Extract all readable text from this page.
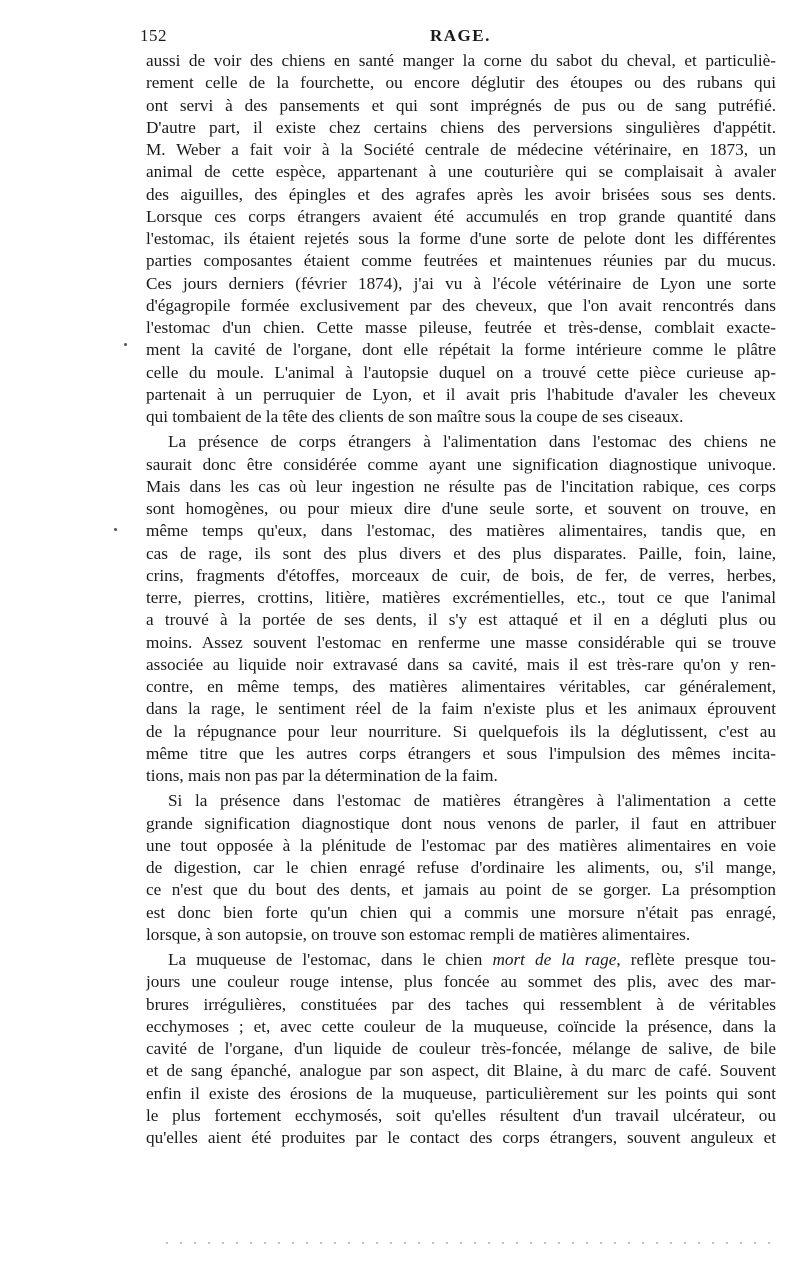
152	RAGE.
aussi de voir des chiens en santé manger la corne du sabot du cheval, et particuliè-
rement celle de la fourchette, ou encore déglutir des étoupes ou des rubans qui
ont servi à des pansements et qui sont imprégnés de pus ou de sang putréfié.
D'autre part, il existe chez certains chiens des perversions singulières d'appétit.
M. Weber a fait voir à la Société centrale de médecine vétérinaire, en 1873, un
animal de cette espèce, appartenant à une couturière qui se complaisait à avaler
des aiguilles, des épingles et des agrafes après les avoir brisées sous ses dents.
Lorsque ces corps étrangers avaient été accumulés en trop grande quantité dans
l'estomac, ils étaient rejetés sous la forme d'une sorte de pelote dont les différentes
parties composantes étaient comme feutrées et maintenues réunies par du mucus.
Ces jours derniers (février 1874), j'ai vu à l'école vétérinaire de Lyon une sorte
d'égagropile formée exclusivement par des cheveux, que l'on avait rencontrés dans
l'estomac d'un chien. Cette masse pileuse, feutrée et très-dense, comblait exacte-
ment la cavité de l'organe, dont elle répétait la forme intérieure comme le plâtre
celle du moule. L'animal à l'autopsie duquel on a trouvé cette pièce curieuse ap-
partenait à un perruquier de Lyon, et il avait pris l'habitude d'avaler les cheveux
qui tombaient de la tête des clients de son maître sous la coupe de ses ciseaux.
La présence de corps étrangers à l'alimentation dans l'estomac des chiens ne
saurait donc être considérée comme ayant une signification diagnostique univoque.
Mais dans les cas où leur ingestion ne résulte pas de l'incitation rabique, ces corps
sont homogènes, ou pour mieux dire d'une seule sorte, et souvent on trouve, en
même temps qu'eux, dans l'estomac, des matières alimentaires, tandis que, en
cas de rage, ils sont des plus divers et des plus disparates. Paille, foin, laine,
crins, fragments d'étoffes, morceaux de cuir, de bois, de fer, de verres, herbes,
terre, pierres, crottins, litière, matières excrémentielles, etc., tout ce que l'animal
a trouvé à la portée de ses dents, il s'y est attaqué et il en a dégluti plus ou
moins. Assez souvent l'estomac en renferme une masse considérable qui se trouve
associée au liquide noir extravasé dans sa cavité, mais il est très-rare qu'on y ren-
contre, en même temps, des matières alimentaires véritables, car généralement,
dans la rage, le sentiment réel de la faim n'existe plus et les animaux éprouvent
de la répugnance pour leur nourriture. Si quelquefois ils la déglutissent, c'est au
même titre que les autres corps étrangers et sous l'impulsion des mêmes incita-
tions, mais non pas par la détermination de la faim.
Si la présence dans l'estomac de matières étrangères à l'alimentation a cette
grande signification diagnostique dont nous venons de parler, il faut en attribuer
une tout opposée à la plénitude de l'estomac par des matières alimentaires en voie
de digestion, car le chien enragé refuse d'ordinaire les aliments, ou, s'il mange,
ce n'est que du bout des dents, et jamais au point de se gorger. La présomption
est donc bien forte qu'un chien qui a commis une morsure n'était pas enragé,
lorsque, à son autopsie, on trouve son estomac rempli de matières alimentaires.
La muqueuse de l'estomac, dans le chien mort de la rage, reflète presque tou-
jours une couleur rouge intense, plus foncée au sommet des plis, avec des mar-
brures irrégulières, constituées par des taches qui ressemblent à de véritables
ecchymoses ; et, avec cette couleur de la muqueuse, coïncide la présence, dans la
cavité de l'organe, d'un liquide de couleur très-foncée, mélange de salive, de bile
et de sang épanché, analogue par son aspect, dit Blaine, à du marc de café. Souvent
enfin il existe des érosions de la muqueuse, particulièrement sur les points qui sont
le plus fortement ecchymosés, soit qu'elles résultent d'un travail ulcérateur, ou
qu'elles aient été produites par le contact des corps étrangers, souvent anguleux et
